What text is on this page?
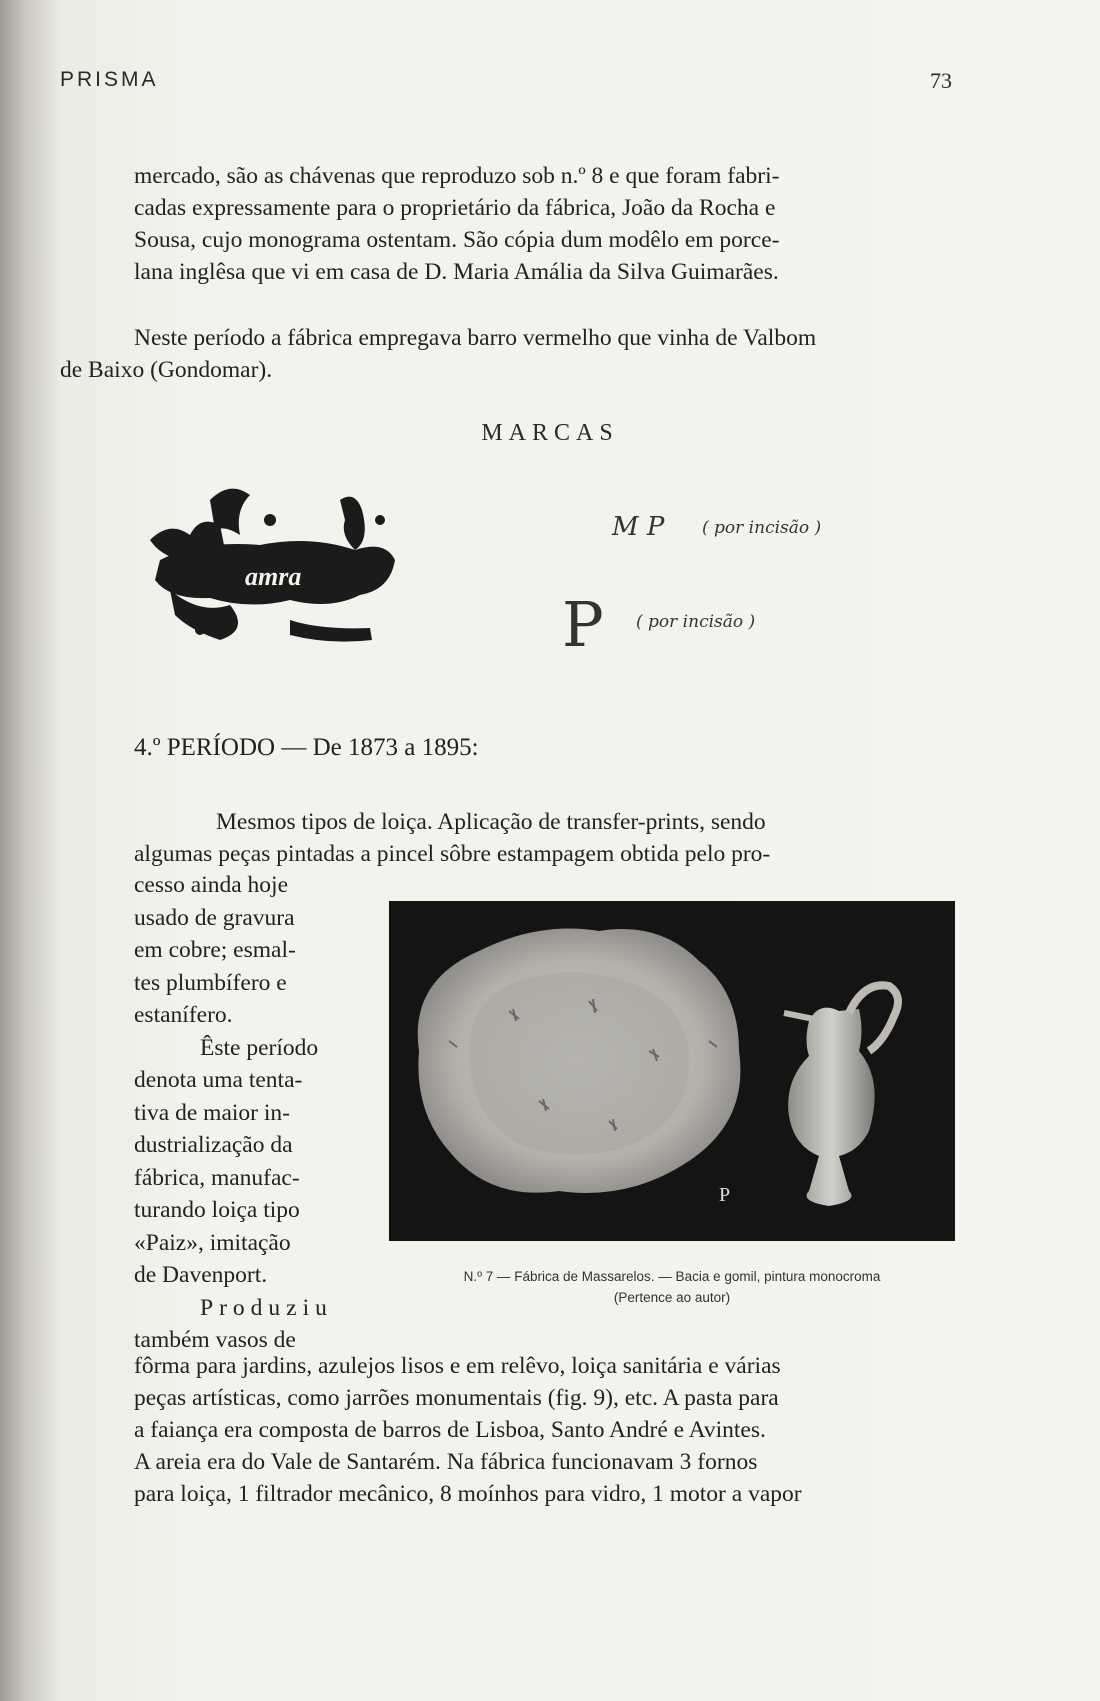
PRISMA	73
mercado, são as chávenas que reproduzo sob n.º 8 e que foram fabri-
cadas expressamente para o proprietário da fábrica, João da Rocha e
Sousa, cujo monograma ostentam. São cópia dum modêlo em porce-
lana inglêsa que vi em casa de D. Maria Amália da Silva Guimarães.
Neste período a fábrica empregava barro vermelho que vinha de Valbom
de Baixo (Gondomar).
MARCAS
amra
M P ( por incisão )
P ( por incisão )
4.º PERÍODO — De 1873 a 1895:
Mesmos tipos de loiça. Aplicação de transfer-prints, sendo
algumas peças pintadas a pincel sôbre estampagem obtida pelo pro-
cesso ainda hoje
usado de gravura
em cobre; esmal-
tes plumbífero e
estanífero.
Êste período
denota uma tenta-
tiva de maior in-
dustrialização da
fábrica, manufac-
turando loiça tipo
«Paiz», imitação
de Davenport.
Produziu
também vasos de
P
N.º 7 — Fábrica de Massarelos. — Bacia e gomil, pintura monocroma
(Pertence ao autor)
fôrma para jardins, azulejos lisos e em relêvo, loiça sanitária e várias
peças artísticas, como jarrões monumentais (fig. 9), etc. A pasta para
a faiança era composta de barros de Lisboa, Santo André e Avintes.
A areia era do Vale de Santarém. Na fábrica funcionavam 3 fornos
para loiça, 1 filtrador mecânico, 8 moínhos para vidro, 1 motor a vapor
